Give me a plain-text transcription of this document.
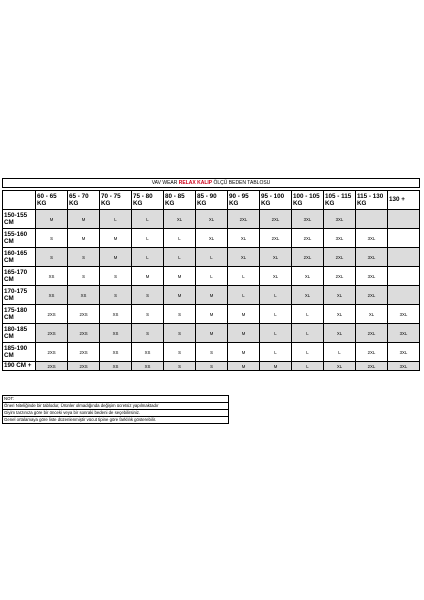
VAV WEAR RELAX KALIP ÖLÇÜ BEDEN TABLOSU
	60 - 65 KG	65 - 70 KG	70 - 75 KG	75 - 80 KG	80 - 85 KG	85 - 90 KG	90 - 95 KG	95 - 100 KG	100 - 105 KG	105 - 115 KG	115 - 130 KG	130 +
150-155 CM	M	M	L	L	XL	XL	2XL	2XL	3XL	3XL		
155-160 CM	S	M	M	L	L	XL	XL	2XL	2XL	3XL	3XL	
160-165 CM	S	S	M	L	L	L	XL	XL	2XL	2XL	3XL	
165-170 CM	XS	S	S	M	M	L	L	XL	XL	2XL	3XL	
170-175 CM	XS	XS	S	S	M	M	L	L	XL	XL	2XL	
175-180 CM	2XS	2XS	XS	S	S	M	M	L	L	XL	XL	3XL
180-185 CM	2XS	2XS	XS	S	S	M	M	L	L	XL	2XL	3XL
185-190 CM	2XS	2XS	XS	XS	S	S	M	L	L	L	2XL	3XL
190 CM +	2XS	2XS	XS	XS	S	S	M	M	L	XL	2XL	3XL
NOT:
Öneri Niteliğinde bir tablodur, Ürünler olmadığında değişim ücretsiz yapılmaktadır
Giyim tarzınıza göre bir önceki veya bir sonraki bedeni de seçebilirsiniz.
Genel ortalamaya göre liste düzenlenmiştir vücut tipine göre farklılık gösterebilir.
